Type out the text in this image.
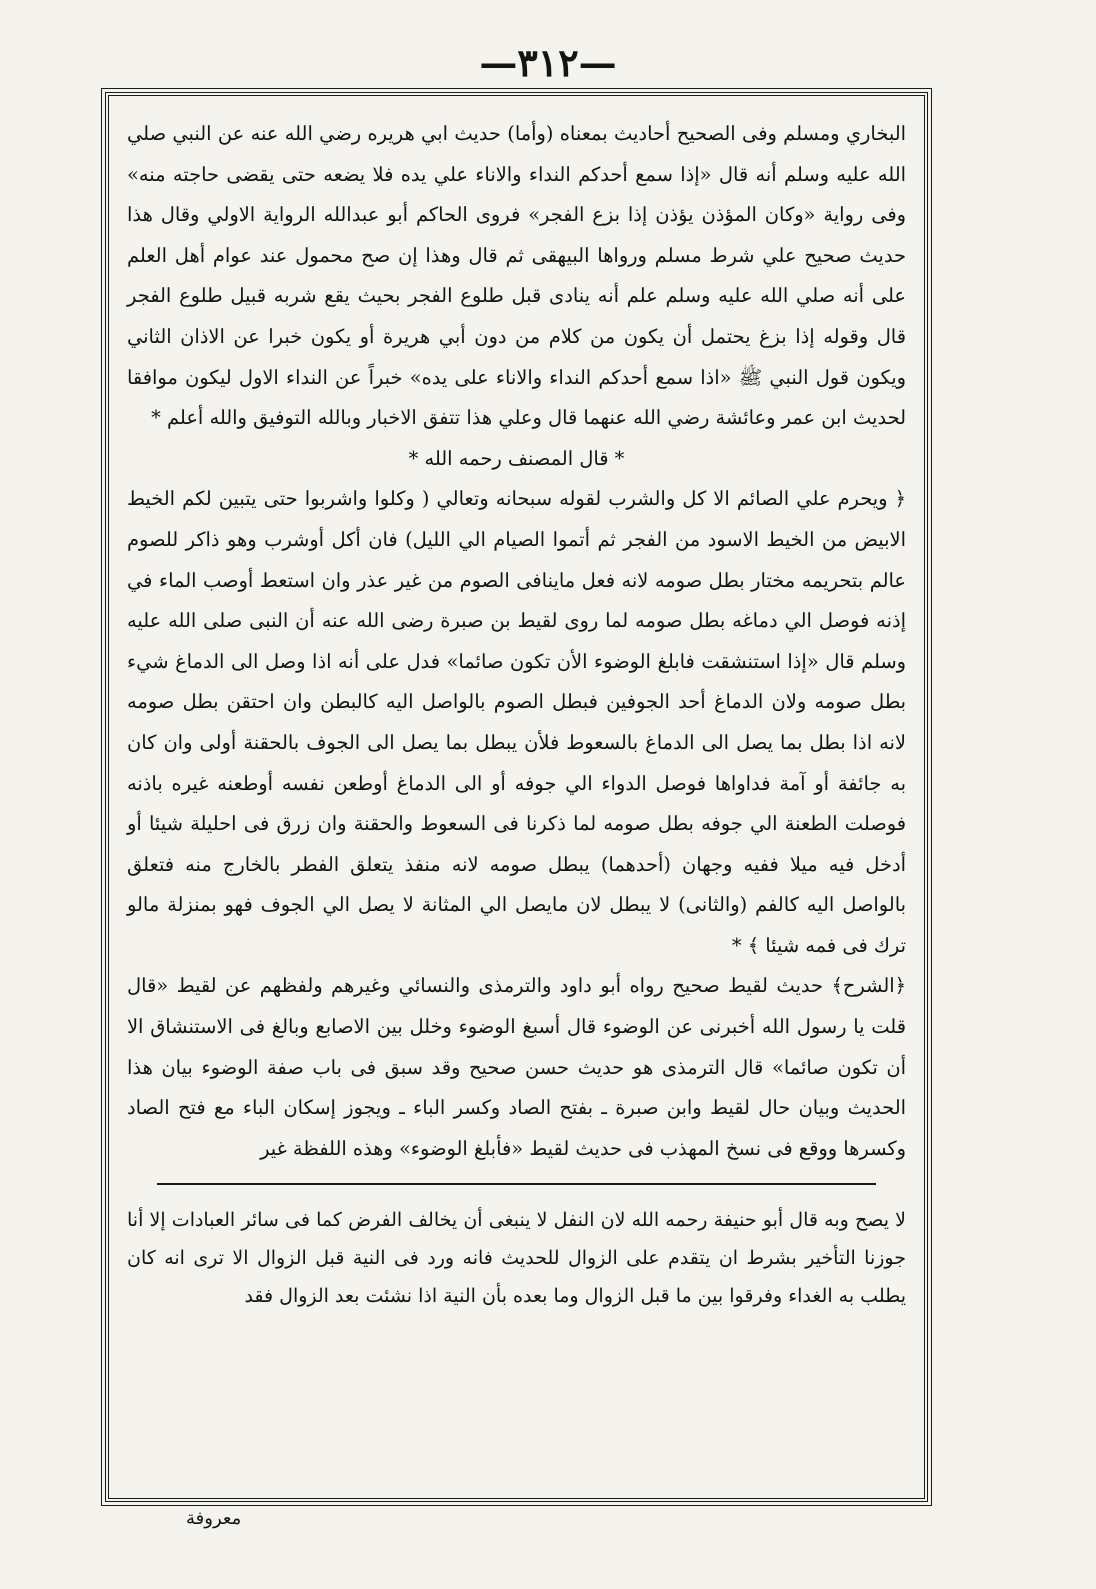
—٣١٢—

البخاري ومسلم وفى الصحيح أحاديث بمعناه (وأما) حديث ابي هريره رضي الله عنه عن النبي صلي الله عليه وسلم أنه قال «إذا سمع أحدكم النداء والاناء علي يده فلا يضعه حتى يقضى حاجته منه» وفى رواية «وكان المؤذن يؤذن إذا بزع الفجر» فروى الحاكم أبو عبدالله الرواية الاولي وقال هذا حديث صحيح علي شرط مسلم ورواها البيهقى ثم قال وهذا إن صح محمول عند عوام أهل العلم على أنه صلي الله عليه وسلم علم أنه ينادى قبل طلوع الفجر بحيث يقع شربه قبيل طلوع الفجر قال وقوله إذا بزغ يحتمل أن يكون من كلام من دون أبي هريرة أو يكون خبرا عن الاذان الثاني ويكون قول النبي ﷺ «اذا سمع أحدكم النداء والاناء على يده» خبراً عن النداء الاول ليكون موافقا لحديث ابن عمر وعائشة رضي الله عنهما قال وعلي هذا تتفق الاخبار وبالله التوفيق والله أعلم *

* قال المصنف رحمه الله *

﴿ ويحرم علي الصائم الا كل والشرب لقوله سبحانه وتعالي ( وكلوا واشربوا حتى يتبين لكم الخيط الابيض من الخيط الاسود من الفجر ثم أتموا الصيام الي الليل) فان أكل أوشرب وهو ذاكر للصوم عالم بتحريمه مختار بطل صومه لانه فعل ماينافى الصوم من غير عذر وان استعط أوصب الماء في إذنه فوصل الي دماغه بطل صومه لما روى لقيط بن صبرة رضى الله عنه أن النبى صلى الله عليه وسلم قال «إذا استنشقت فابلغ الوضوء الأن تكون صائما» فدل على أنه اذا وصل الى الدماغ شيء بطل صومه ولان الدماغ أحد الجوفين فبطل الصوم بالواصل اليه كالبطن وان احتقن بطل صومه لانه اذا بطل بما يصل الى الدماغ بالسعوط فلأن يبطل بما يصل الى الجوف بالحقنة أولى وان كان به جائفة أو آمة فداواها فوصل الدواء الي جوفه أو الى الدماغ أوطعن نفسه أوطعنه غيره باذنه فوصلت الطعنة الي جوفه بطل صومه لما ذكرنا فى السعوط والحقنة وان زرق فى احليلة شيئا أو أدخل فيه ميلا ففيه وجهان (أحدهما) يبطل صومه لانه منفذ يتعلق الفطر بالخارج منه فتعلق بالواصل اليه كالفم (والثانى) لا يبطل لان مايصل الي المثانة لا يصل الي الجوف فهو بمنزلة مالو ترك فى فمه شيئا ﴾ *

﴿الشرح﴾ حديث لقيط صحيح رواه أبو داود والترمذى والنسائي وغيرهم ولفظهم عن لقيط «قال قلت يا رسول الله أخبرنى عن الوضوء قال أسبغ الوضوء وخلل بين الاصابع وبالغ فى الاستنشاق الا أن تكون صائما» قال الترمذى هو حديث حسن صحيح وقد سبق فى باب صفة الوضوء بيان هذا الحديث وبيان حال لقيط وابن صبرة ـ بفتح الصاد وكسر الباء ـ ويجوز إسكان الباء مع فتح الصاد وكسرها ووقع فى نسخ المهذب فى حديث لقيط «فأبلغ الوضوء» وهذه اللفظة غير

لا يصح وبه قال أبو حنيفة رحمه الله لان النفل لا ينبغى أن يخالف الفرض كما فى سائر العبادات إلا أنا جوزنا التأخير بشرط ان يتقدم على الزوال للحديث فانه ورد فى النية قبل الزوال الا ترى انه كان يطلب به الغداء وفرقوا بين ما قبل الزوال وما بعده بأن النية اذا نشئت بعد الزوال فقد
معروفة
